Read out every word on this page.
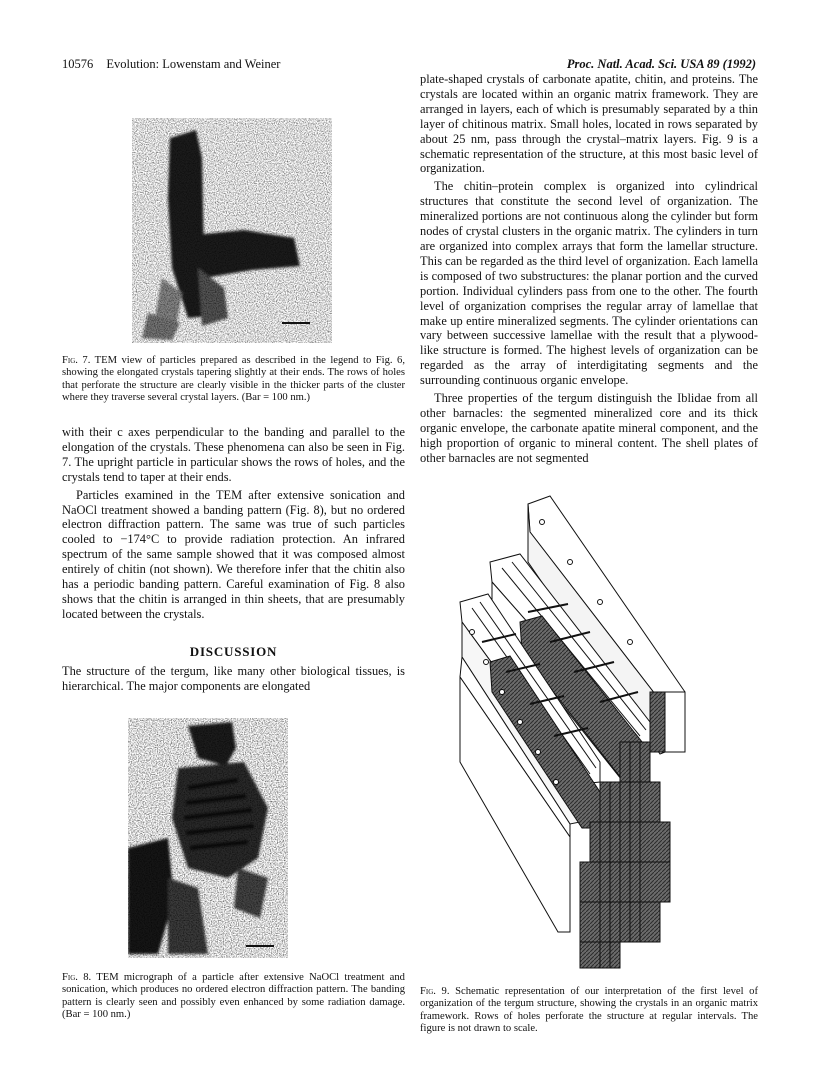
10576 Evolution: Lowenstam and Weiner	Proc. Natl. Acad. Sci. USA 89 (1992)
Fig. 7. TEM view of particles prepared as described in the legend to Fig. 6, showing the elongated crystals tapering slightly at their ends. The rows of holes that perforate the structure are clearly visible in the thicker parts of the cluster where they traverse several crystal layers. (Bar = 100 nm.)

with their c axes perpendicular to the banding and parallel to the elongation of the crystals. These phenomena can also be seen in Fig. 7. The upright particle in particular shows the rows of holes, and the crystals tend to taper at their ends.

Particles examined in the TEM after extensive sonication and NaOCl treatment showed a banding pattern (Fig. 8), but no ordered electron diffraction pattern. The same was true of such particles cooled to −174°C to provide radiation protection. An infrared spectrum of the same sample showed that it was composed almost entirely of chitin (not shown). We therefore infer that the chitin also has a periodic banding pattern. Careful examination of Fig. 8 also shows that the chitin is arranged in thin sheets, that are presumably located between the crystals.

DISCUSSION

The structure of the tergum, like many other biological tissues, is hierarchical. The major components are elongated

Fig. 8. TEM micrograph of a particle after extensive NaOCl treatment and sonication, which produces no ordered electron diffraction pattern. The banding pattern is clearly seen and possibly even enhanced by some radiation damage. (Bar = 100 nm.)

plate-shaped crystals of carbonate apatite, chitin, and proteins. The crystals are located within an organic matrix framework. They are arranged in layers, each of which is presumably separated by a thin layer of chitinous matrix. Small holes, located in rows separated by about 25 nm, pass through the crystal–matrix layers. Fig. 9 is a schematic representation of the structure, at this most basic level of organization.

The chitin–protein complex is organized into cylindrical structures that constitute the second level of organization. The mineralized portions are not continuous along the cylinder but form nodes of crystal clusters in the organic matrix. The cylinders in turn are organized into complex arrays that form the lamellar structure. This can be regarded as the third level of organization. Each lamella is composed of two substructures: the planar portion and the curved portion. Individual cylinders pass from one to the other. The fourth level of organization comprises the regular array of lamellae that make up entire mineralized segments. The cylinder orientations can vary between successive lamellae with the result that a plywood-like structure is formed. The highest levels of organization can be regarded as the array of interdigitating segments and the surrounding continuous organic envelope.

Three properties of the tergum distinguish the Iblidae from all other barnacles: the segmented mineralized core and its thick organic envelope, the carbonate apatite mineral component, and the high proportion of organic to mineral content. The shell plates of other barnacles are not segmented

Fig. 9. Schematic representation of our interpretation of the first level of organization of the tergum structure, showing the crystals in an organic matrix framework. Rows of holes perforate the structure at regular intervals. The figure is not drawn to scale.
